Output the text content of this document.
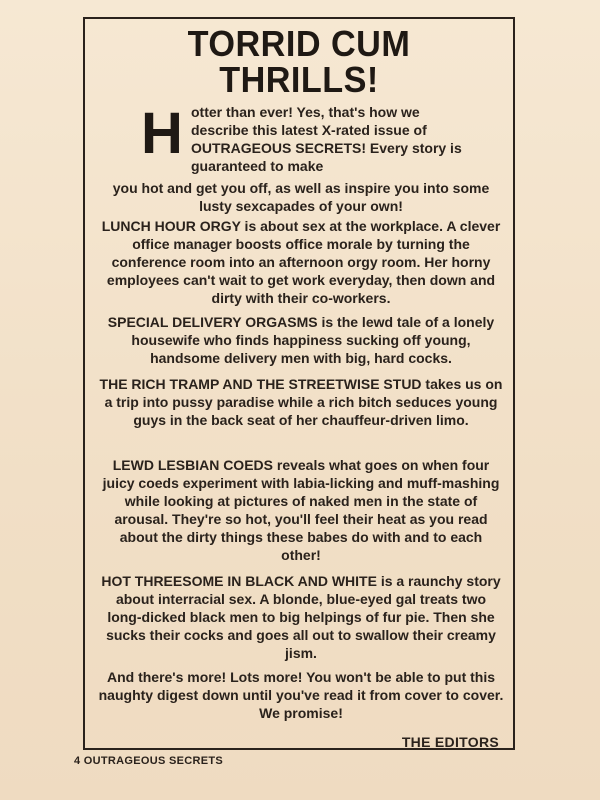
TORRID CUM
THRILLS!
H otter than ever! Yes, that's how we describe this latest X-rated issue of OUTRAGEOUS SECRETS! Every story is guaranteed to make
you hot and get you off, as well as inspire you into some lusty sexcapades of your own!
LUNCH HOUR ORGY is about sex at the workplace. A clever office manager boosts office morale by turning the conference room into an afternoon orgy room. Her horny employees can't wait to get work everyday, then down and dirty with their co-workers.
SPECIAL DELIVERY ORGASMS is the lewd tale of a lonely housewife who finds happiness sucking off young, handsome delivery men with big, hard cocks.
THE RICH TRAMP AND THE STREETWISE STUD takes us on a trip into pussy paradise while a rich bitch seduces young guys in the back seat of her chauffeur-driven limo.
LEWD LESBIAN COEDS reveals what goes on when four juicy coeds experiment with labia-licking and muff-mashing while looking at pictures of naked men in the state of arousal. They're so hot, you'll feel their heat as you read about the dirty things these babes do with and to each other!
HOT THREESOME IN BLACK AND WHITE is a raunchy story about interracial sex. A blonde, blue-eyed gal treats two long-dicked black men to big helpings of fur pie. Then she sucks their cocks and goes all out to swallow their creamy jism.
And there's more! Lots more! You won't be able to put this naughty digest down until you've read it from cover to cover. We promise!
THE EDITORS
4 OUTRAGEOUS SECRETS
